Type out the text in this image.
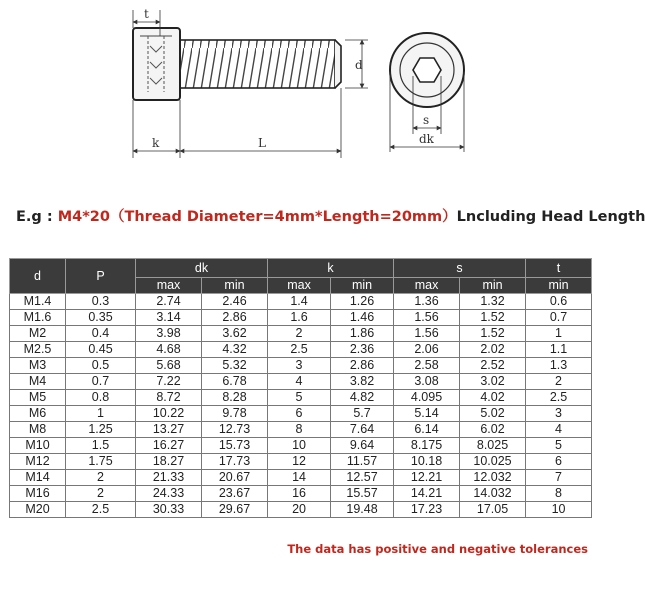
t
k	L
d
s
dk
E.g : M4*20（Thread Diameter=4mm*Length=20mm）Lncluding Head Length
d	P	dk		k		s		t
		max	min	max	min	max	min	min
M1.4	0.3	2.74	2.46	1.4	1.26	1.36	1.32	0.6
M1.6	0.35	3.14	2.86	1.6	1.46	1.56	1.52	0.7
M2	0.4	3.98	3.62	2	1.86	1.56	1.52	1
M2.5	0.45	4.68	4.32	2.5	2.36	2.06	2.02	1.1
M3	0.5	5.68	5.32	3	2.86	2.58	2.52	1.3
M4	0.7	7.22	6.78	4	3.82	3.08	3.02	2
M5	0.8	8.72	8.28	5	4.82	4.095	4.02	2.5
M6	1	10.22	9.78	6	5.7	5.14	5.02	3
M8	1.25	13.27	12.73	8	7.64	6.14	6.02	4
M10	1.5	16.27	15.73	10	9.64	8.175	8.025	5
M12	1.75	18.27	17.73	12	11.57	10.18	10.025	6
M14	2	21.33	20.67	14	12.57	12.21	12.032	7
M16	2	24.33	23.67	16	15.57	14.21	14.032	8
M20	2.5	30.33	29.67	20	19.48	17.23	17.05	10
The data has positive and negative tolerances
